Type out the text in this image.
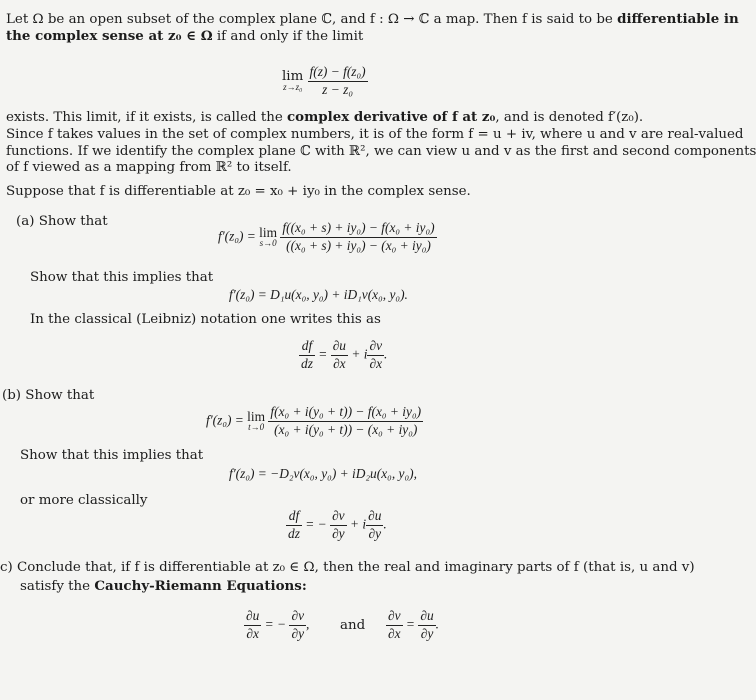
Let Ω be an open subset of the complex plane ℂ, and f : Ω → ℂ a map. Then f is said to be differentiable in
the complex sense at z₀ ∈ Ω if and only if the limit
lim
z→z₀
$\frac{\text{f(z) − f(z₀)}}{\text{z − z₀}}$
exists. This limit, if it exists, is called the complex derivative of f at z₀, and is denoted f′(z₀).
Since f takes values in the set of complex numbers, it is of the form f = u + iv, where u and v are real-valued
functions. If we identify the complex plane ℂ with ℝ², we can view u and v as the first and second components
of f viewed as a mapping from ℝ² to itself.
Suppose that f is differentiable at z₀ = x₀ + iy₀ in the complex sense.
(a) Show that
f′(z₀) = lim
s→0
$\frac{\text{f((x₀ + s) + iy₀) − f(x₀ + iy₀)}}{\text{((x₀ + s) + iy₀) − (x₀ + iy₀)}}$
Show that this implies that
f′(z₀) = D₁u(x₀, y₀) + iD₁v(x₀, y₀).
In the classical (Leibniz) notation one writes this as
$\frac{df}{dz} = \frac{\partial u}{\partial x} + i \frac{\partial v}{\partial x}$ .
(b) Show that
f′(z₀) = lim
t→0
$\frac{\text{f(x₀ + i(y₀ + t)) − f(x₀ + iy₀)}}{\text{(x₀ + i(y₀ + t)) − (x₀ + iy₀)}}$
Show that this implies that
f′(z₀) = −D₂v(x₀, y₀) + iD₂u(x₀, y₀),
or more classically
$\frac{df}{dz}$ = − $\frac{\partial v}{\partial y} + i \frac{\partial u}{\partial y}$ .
c) Conclude that, if f is differentiable at z₀ ∈ Ω, then the real and imaginary parts of f (that is, u and v)
satisfy the Cauchy-Riemann Equations:
$\frac{\partial u}{\partial x}$ = − $\frac{\partial v}{\partial y}$ , and $\frac{\partial v}{\partial x} = \frac{\partial u}{\partial y}$ .
